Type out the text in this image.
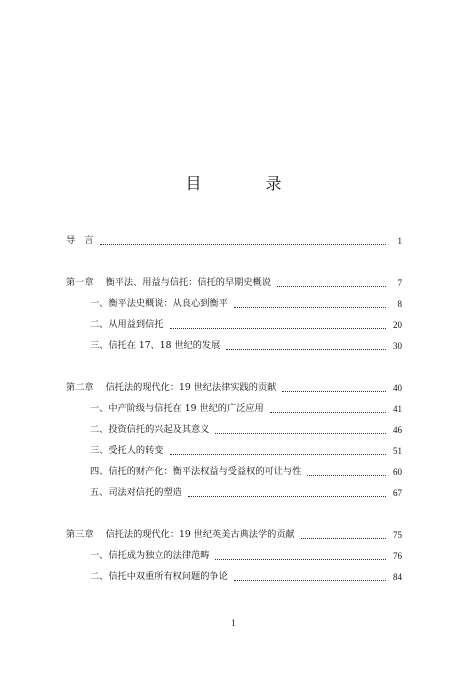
目　录
导　言	1
第一章 衡平法、用益与信托：信托的早期史概说	7
一、衡平法史概说：从良心到衡平	8
二、从用益到信托	20
三、信托在 17、18 世纪的发展	30
第二章 信托法的现代化：19 世纪法律实践的贡献	40
一、中产阶级与信托在 19 世纪的广泛应用	41
二、投资信托的兴起及其意义	46
三、受托人的转变	51
四、信托的财产化：衡平法权益与受益权的可让与性	60
五、司法对信托的塑造	67
第三章 信托法的现代化：19 世纪英美古典法学的贡献	75
一、信托成为独立的法律范畴	76
二、信托中双重所有权问题的争论	84
1
